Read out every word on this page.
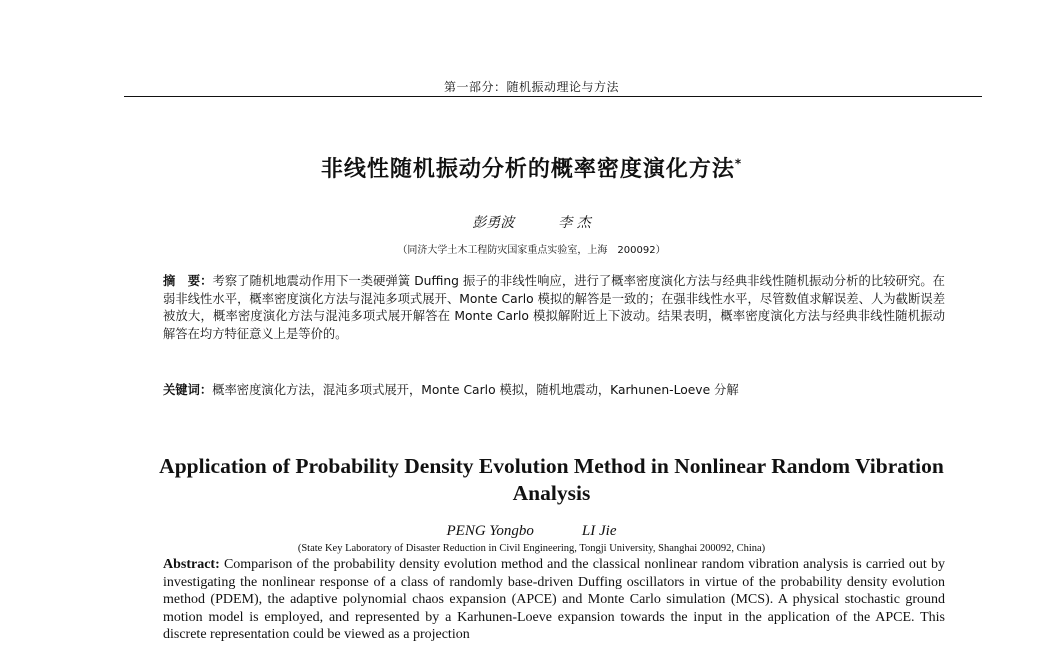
第一部分：随机振动理论与方法
非线性随机振动分析的概率密度演化方法*
彭勇波	李 杰
（同济大学土木工程防灾国家重点实验室，上海　200092）
摘　要：考察了随机地震动作用下一类硬弹簧 Duffing 振子的非线性响应，进行了概率密度演化方法与经典非线性随机振动分析的比较研究。在弱非线性水平，概率密度演化方法与混沌多项式展开、Monte Carlo 模拟的解答是一致的；在强非线性水平，尽管数值求解误差、人为截断误差被放大，概率密度演化方法与混沌多项式展开解答在 Monte Carlo 模拟解附近上下波动。结果表明，概率密度演化方法与经典非线性随机振动解答在均方特征意义上是等价的。
关键词：概率密度演化方法，混沌多项式展开，Monte Carlo 模拟，随机地震动，Karhunen-Loeve 分解
Application of Probability Density Evolution Method in Nonlinear Random Vibration Analysis
PENG Yongbo	LI Jie
(State Key Laboratory of Disaster Reduction in Civil Engineering, Tongji University, Shanghai 200092, China)
Abstract: Comparison of the probability density evolution method and the classical nonlinear random vibration analysis is carried out by investigating the nonlinear response of a class of randomly base-driven Duffing oscillators in virtue of the probability density evolution method (PDEM), the adaptive polynomial chaos expansion (APCE) and Monte Carlo simulation (MCS). A physical stochastic ground motion model is employed, and represented by a Karhunen-Loeve expansion towards the input in the application of the APCE. This discrete representation could be viewed as a projection
